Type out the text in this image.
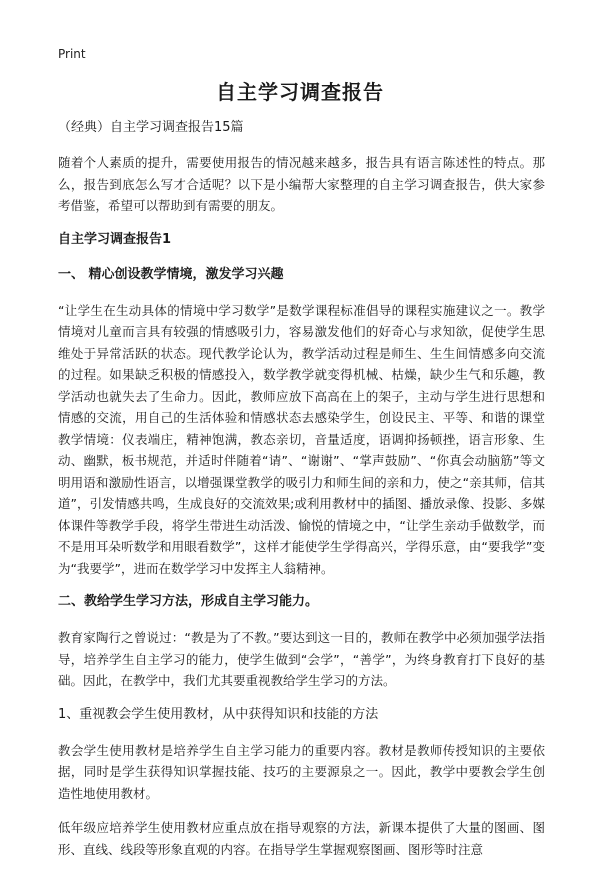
Print
自主学习调查报告
（经典）自主学习调查报告15篇

随着个人素质的提升，需要使用报告的情况越来越多，报告具有语言陈述性的特点。那么，报告到底怎么写才合适呢？以下是小编帮大家整理的自主学习调查报告，供大家参考借鉴，希望可以帮助到有需要的朋友。

自主学习调查报告1
一、 精心创设教学情境，激发学习兴趣

“让学生在生动具体的情境中学习数学”是数学课程标准倡导的课程实施建议之一。教学情境对儿童而言具有较强的情感吸引力，容易激发他们的好奇心与求知欲，促使学生思维处于异常活跃的状态。现代教学论认为，教学活动过程是师生、生生间情感多向交流的过程。如果缺乏积极的情感投入，数学教学就变得机械、枯燥，缺少生气和乐趣，教学活动也就失去了生命力。因此，教师应放下高高在上的架子，主动与学生进行思想和情感的交流，用自己的生活体验和情感状态去感染学生，创设民主、平等、和谐的课堂教学情境：仪表端庄，精神饱满，教态亲切，音量适度，语调抑扬顿挫，语言形象、生动、幽默，板书规范，并适时伴随着“请”、“谢谢”、“掌声鼓励”、“你真会动脑筋”等文明用语和激励性语言，以增强课堂教学的吸引力和师生间的亲和力，使之“亲其师，信其道”，引发情感共鸣，生成良好的交流效果;或利用教材中的插图、播放录像、投影、多媒体课件等教学手段，将学生带进生动活泼、愉悦的情境之中，“让学生亲动手做数学，而不是用耳朵听数学和用眼看数学”，这样才能使学生学得高兴，学得乐意，由“要我学”变为“我要学”，进而在数学学习中发挥主人翁精神。

二、教给学生学习方法，形成自主学习能力。

教育家陶行之曾说过：“教是为了不教。”要达到这一目的，教师在教学中必须加强学法指导，培养学生自主学习的能力，使学生做到“会学”，“善学”，为终身教育打下良好的基础。因此，在教学中，我们尤其要重视教给学生学习的方法。

1、重视教会学生使用教材，从中获得知识和技能的方法

教会学生使用教材是培养学生自主学习能力的重要内容。教材是教师传授知识的主要依据，同时是学生获得知识掌握技能、技巧的主要源泉之一。因此，教学中要教会学生创造性地使用教材。

低年级应培养学生使用教材应重点放在指导观察的方法，新课本提供了大量的图画、图形、直线、线段等形象直观的内容。在指导学生掌握观察图画、图形等时注意
